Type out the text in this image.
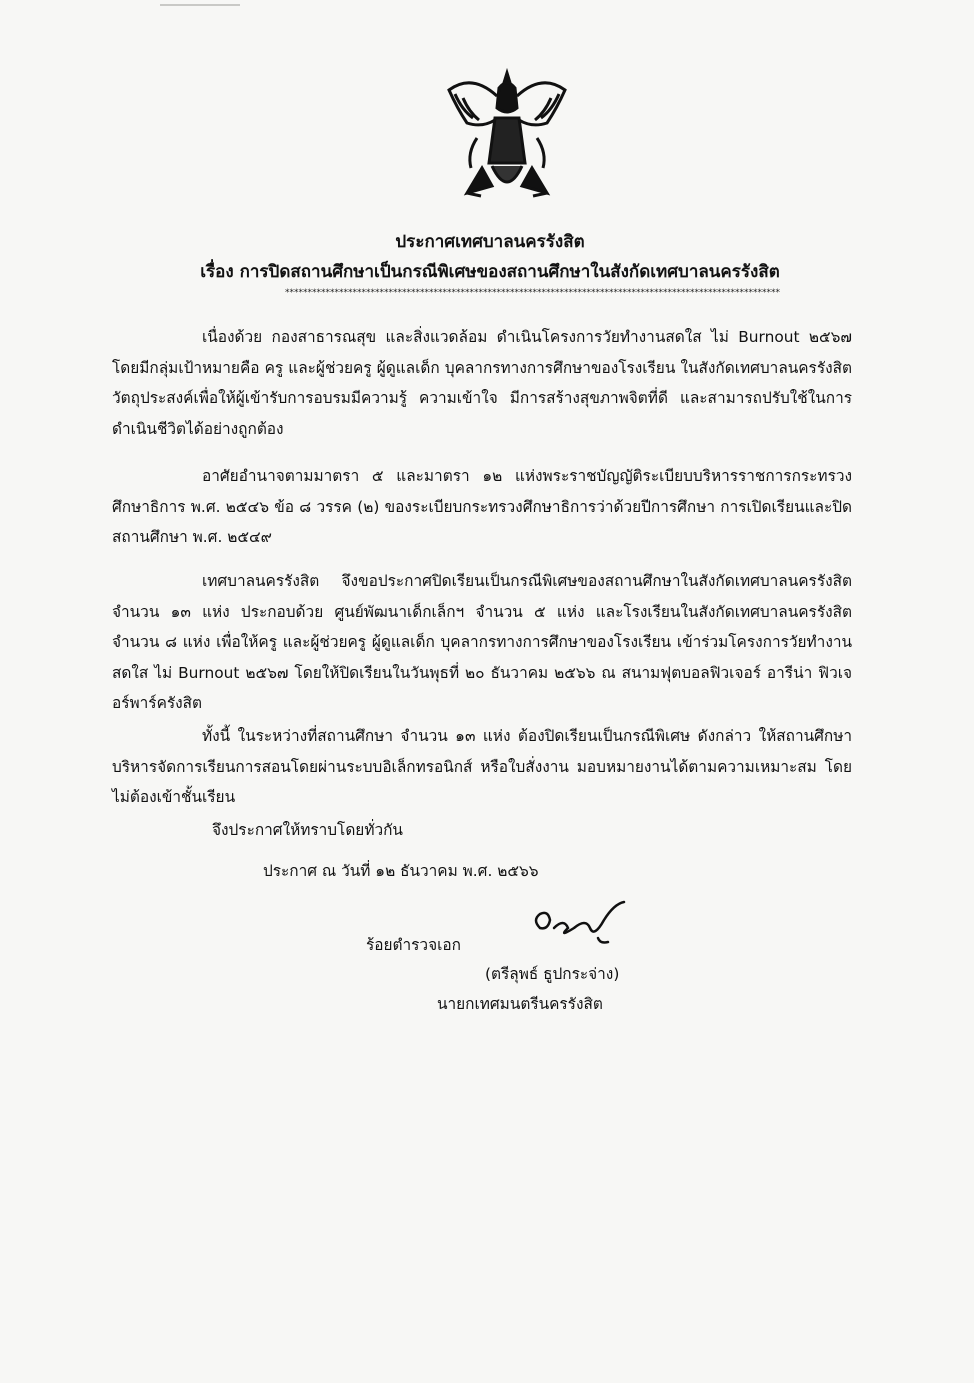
ประกาศเทศบาลนครรังสิต
เรื่อง การปิดสถานศึกษาเป็นกรณีพิเศษของสถานศึกษาในสังกัดเทศบาลนครรังสิต
**************************************************************************************************************
เนื่องด้วย กองสาธารณสุข และสิ่งแวดล้อม ดำเนินโครงการวัยทำงานสดใส ไม่ Burnout ๒๕๖๗ โดยมีกลุ่มเป้าหมายคือ ครู และผู้ช่วยครู ผู้ดูแลเด็ก บุคลากรทางการศึกษาของโรงเรียน ในสังกัดเทศบาลนครรังสิต วัตถุประสงค์เพื่อให้ผู้เข้ารับการอบรมมีความรู้ ความเข้าใจ มีการสร้างสุขภาพจิตที่ดี และสามารถปรับใช้ในการดำเนินชีวิตได้อย่างถูกต้อง
อาศัยอำนาจตามมาตรา ๕ และมาตรา ๑๒ แห่งพระราชบัญญัติระเบียบบริหารราชการกระทรวงศึกษาธิการ พ.ศ. ๒๕๔๖ ข้อ ๘ วรรค (๒) ของระเบียบกระทรวงศึกษาธิการว่าด้วยปีการศึกษา การเปิดเรียนและปิดสถานศึกษา พ.ศ. ๒๕๔๙
เทศบาลนครรังสิต จึงขอประกาศปิดเรียนเป็นกรณีพิเศษของสถานศึกษาในสังกัดเทศบาลนครรังสิต จำนวน ๑๓ แห่ง ประกอบด้วย ศูนย์พัฒนาเด็กเล็กฯ จำนวน ๕ แห่ง และโรงเรียนในสังกัดเทศบาลนครรังสิต จำนวน ๘ แห่ง เพื่อให้ครู และผู้ช่วยครู ผู้ดูแลเด็ก บุคลากรทางการศึกษาของโรงเรียน เข้าร่วมโครงการวัยทำงานสดใส ไม่ Burnout ๒๕๖๗ โดยให้ปิดเรียนในวันพุธที่ ๒๐ ธันวาคม ๒๕๖๖ ณ สนามฟุตบอลฟิวเจอร์ อารีน่า ฟิวเจอร์พาร์ครังสิต
ทั้งนี้ ในระหว่างที่สถานศึกษา จำนวน ๑๓ แห่ง ต้องปิดเรียนเป็นกรณีพิเศษ ดังกล่าว ให้สถานศึกษาบริหารจัดการเรียนการสอนโดยผ่านระบบอิเล็กทรอนิกส์ หรือใบสั่งงาน มอบหมายงานได้ตามความเหมาะสม โดยไม่ต้องเข้าชั้นเรียน
จึงประกาศให้ทราบโดยทั่วกัน
ประกาศ ณ วันที่ ๑๒ ธันวาคม พ.ศ. ๒๕๖๖
ร้อยตำรวจเอก
(ตรีลุพธ์ ธูปกระจ่าง)
นายกเทศมนตรีนครรังสิต
